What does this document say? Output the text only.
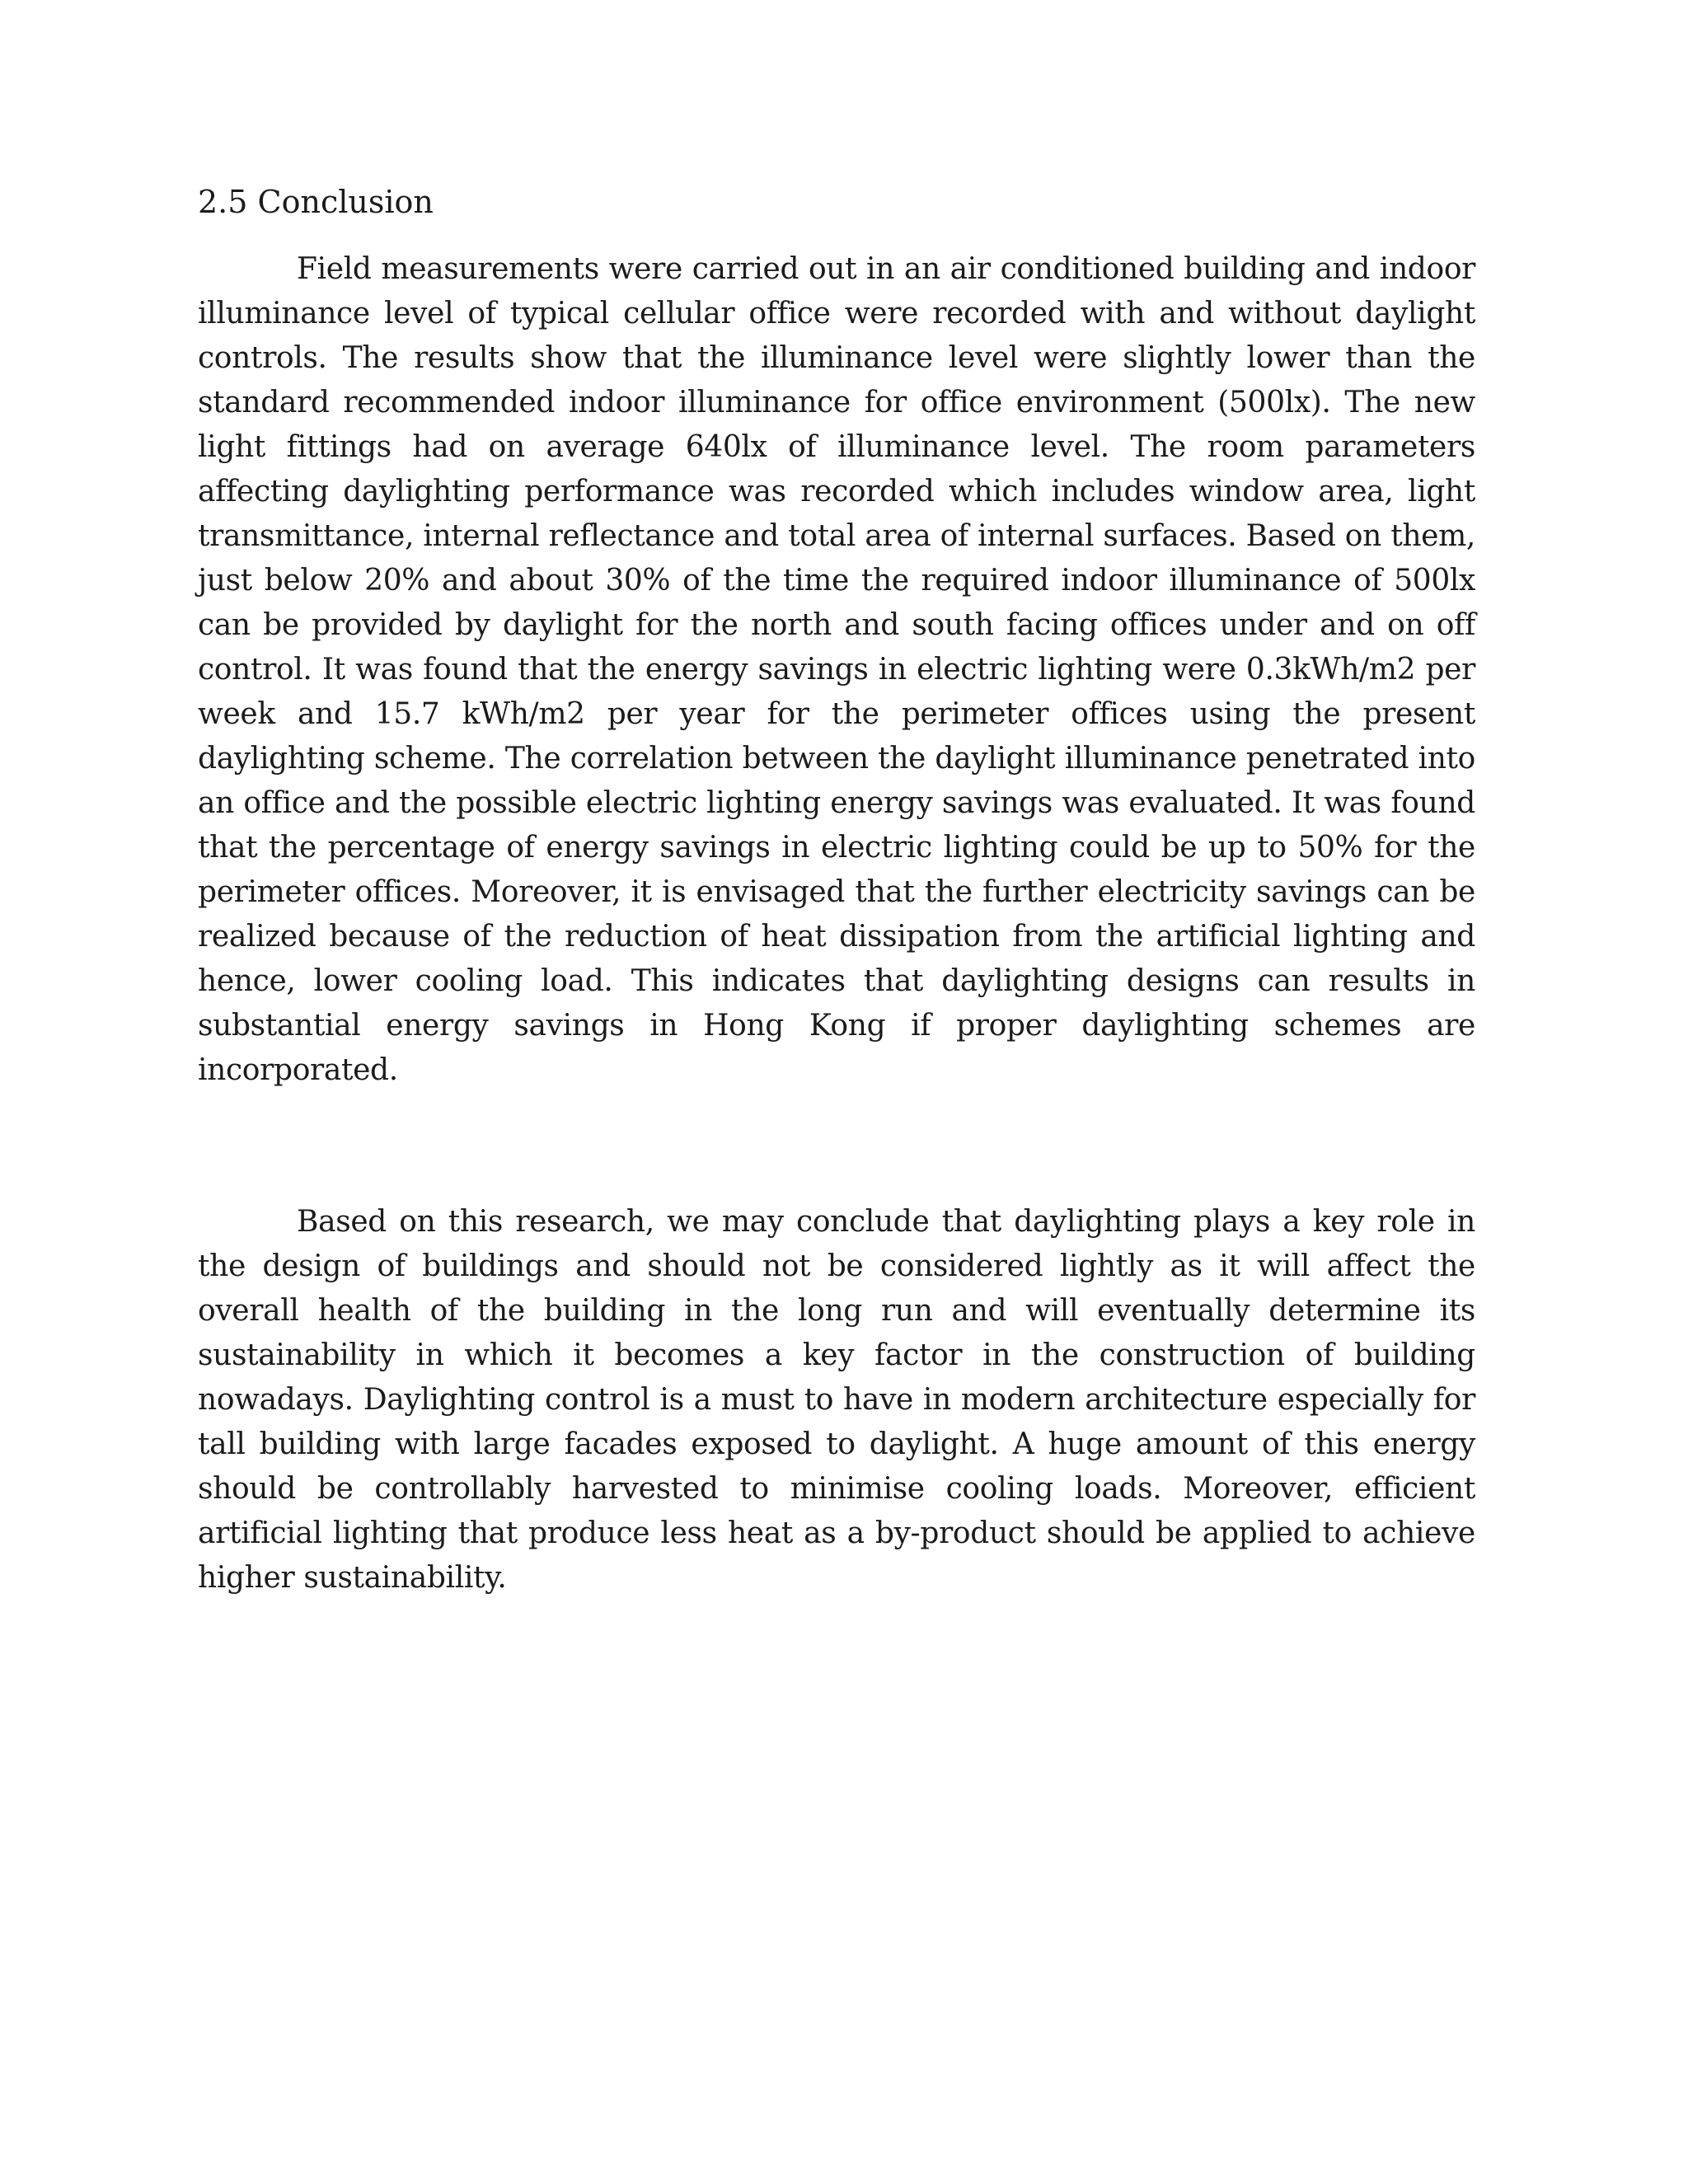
2.5 Conclusion

Field measurements were carried out in an air conditioned building and indoor illuminance level of typical cellular office were recorded with and without daylight controls. The results show that the illuminance level were slightly lower than the standard recommended indoor illuminance for office environment (500lx). The new light fittings had on average 640lx of illuminance level. The room parameters affecting daylighting performance was recorded which includes window area, light transmittance, internal reflectance and total area of internal surfaces. Based on them, just below 20% and about 30% of the time the required indoor illuminance of 500lx can be provided by daylight for the north and south facing offices under and on off control. It was found that the energy savings in electric lighting were 0.3kWh/m2 per week and 15.7 kWh/m2 per year for the perimeter offices using the present daylighting scheme. The correlation between the daylight illuminance penetrated into an office and the possible electric lighting energy savings was evaluated. It was found that the percentage of energy savings in electric lighting could be up to 50% for the perimeter offices. Moreover, it is envisaged that the further electricity savings can be realized because of the reduction of heat dissipation from the artificial lighting and hence, lower cooling load. This indicates that daylighting designs can results in substantial energy savings in Hong Kong if proper daylighting schemes are incorporated.

Based on this research, we may conclude that daylighting plays a key role in the design of buildings and should not be considered lightly as it will affect the overall health of the building in the long run and will eventually determine its sustainability in which it becomes a key factor in the construction of building nowadays. Daylighting control is a must to have in modern architecture especially for tall building with large facades exposed to daylight. A huge amount of this energy should be controllably harvested to minimise cooling loads. Moreover, efficient artificial lighting that produce less heat as a by-product should be applied to achieve higher sustainability.
